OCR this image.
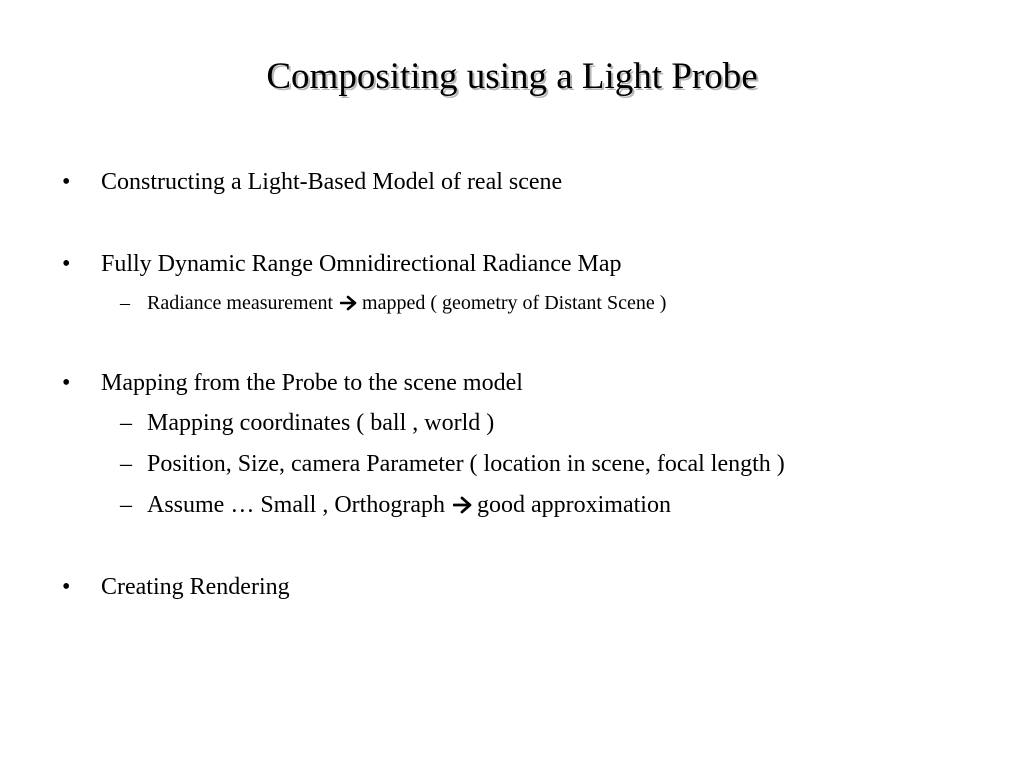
Compositing using a Light Probe
• Constructing a Light-Based Model of real scene
• Fully Dynamic Range Omnidirectional Radiance Map
– Radiance measurement mapped ( geometry of Distant Scene )
• Mapping from the Probe to the scene model
– Mapping coordinates ( ball , world )
– Position, Size, camera Parameter ( location in scene, focal length )
– Assume … Small , Orthograph good approximation
• Creating Rendering
